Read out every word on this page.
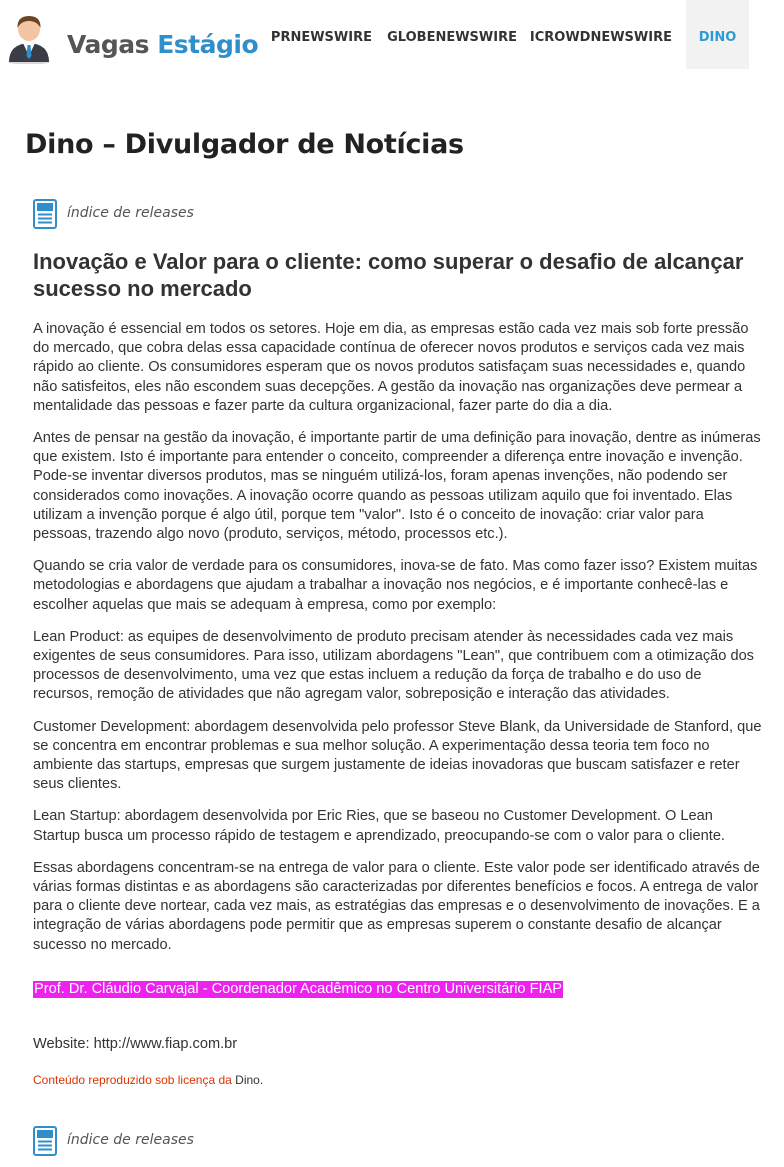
Vagas Estágio PRNEWSWIRE GLOBENEWSWIRE ICROWDNEWSWIRE	DINO
Dino – Divulgador de Notícias
índice de releases
Inovação e Valor para o cliente: como superar o desafio de alcançar sucesso no mercado

A inovação é essencial em todos os setores. Hoje em dia, as empresas estão cada vez mais sob forte pressão do mercado, que cobra delas essa capacidade contínua de oferecer novos produtos e serviços cada vez mais rápido ao cliente. Os consumidores esperam que os novos produtos satisfaçam suas necessidades e, quando não satisfeitos, eles não escondem suas decepções. A gestão da inovação nas organizações deve permear a mentalidade das pessoas e fazer parte da cultura organizacional, fazer parte do dia a dia.

Antes de pensar na gestão da inovação, é importante partir de uma definição para inovação, dentre as inúmeras que existem. Isto é importante para entender o conceito, compreender a diferença entre inovação e invenção. Pode-se inventar diversos produtos, mas se ninguém utilizá-los, foram apenas invenções, não podendo ser considerados como inovações. A inovação ocorre quando as pessoas utilizam aquilo que foi inventado. Elas utilizam a invenção porque é algo útil, porque tem "valor". Isto é o conceito de inovação: criar valor para pessoas, trazendo algo novo (produto, serviços, método, processos etc.).

Quando se cria valor de verdade para os consumidores, inova-se de fato. Mas como fazer isso? Existem muitas metodologias e abordagens que ajudam a trabalhar a inovação nos negócios, e é importante conhecê-las e escolher aquelas que mais se adequam à empresa, como por exemplo:

Lean Product: as equipes de desenvolvimento de produto precisam atender às necessidades cada vez mais exigentes de seus consumidores. Para isso, utilizam abordagens "Lean", que contribuem com a otimização dos processos de desenvolvimento, uma vez que estas incluem a redução da força de trabalho e do uso de recursos, remoção de atividades que não agregam valor, sobreposição e interação das atividades.

Customer Development: abordagem desenvolvida pelo professor Steve Blank, da Universidade de Stanford, que se concentra em encontrar problemas e sua melhor solução. A experimentação dessa teoria tem foco no ambiente das startups, empresas que surgem justamente de ideias inovadoras que buscam satisfazer e reter seus clientes.

Lean Startup: abordagem desenvolvida por Eric Ries, que se baseou no Customer Development. O Lean Startup busca um processo rápido de testagem e aprendizado, preocupando-se com o valor para o cliente.

Essas abordagens concentram-se na entrega de valor para o cliente. Este valor pode ser identificado através de várias formas distintas e as abordagens são caracterizadas por diferentes benefícios e focos. A entrega de valor para o cliente deve nortear, cada vez mais, as estratégias das empresas e o desenvolvimento de inovações. E a integração de várias abordagens pode permitir que as empresas superem o constante desafio de alcançar sucesso no mercado.

Prof. Dr. Cláudio Carvajal - Coordenador Acadêmico no Centro Universitário FIAP
Website: http://www.fiap.com.br
Conteúdo reproduzido sob licença da Dino.
índice de releases
